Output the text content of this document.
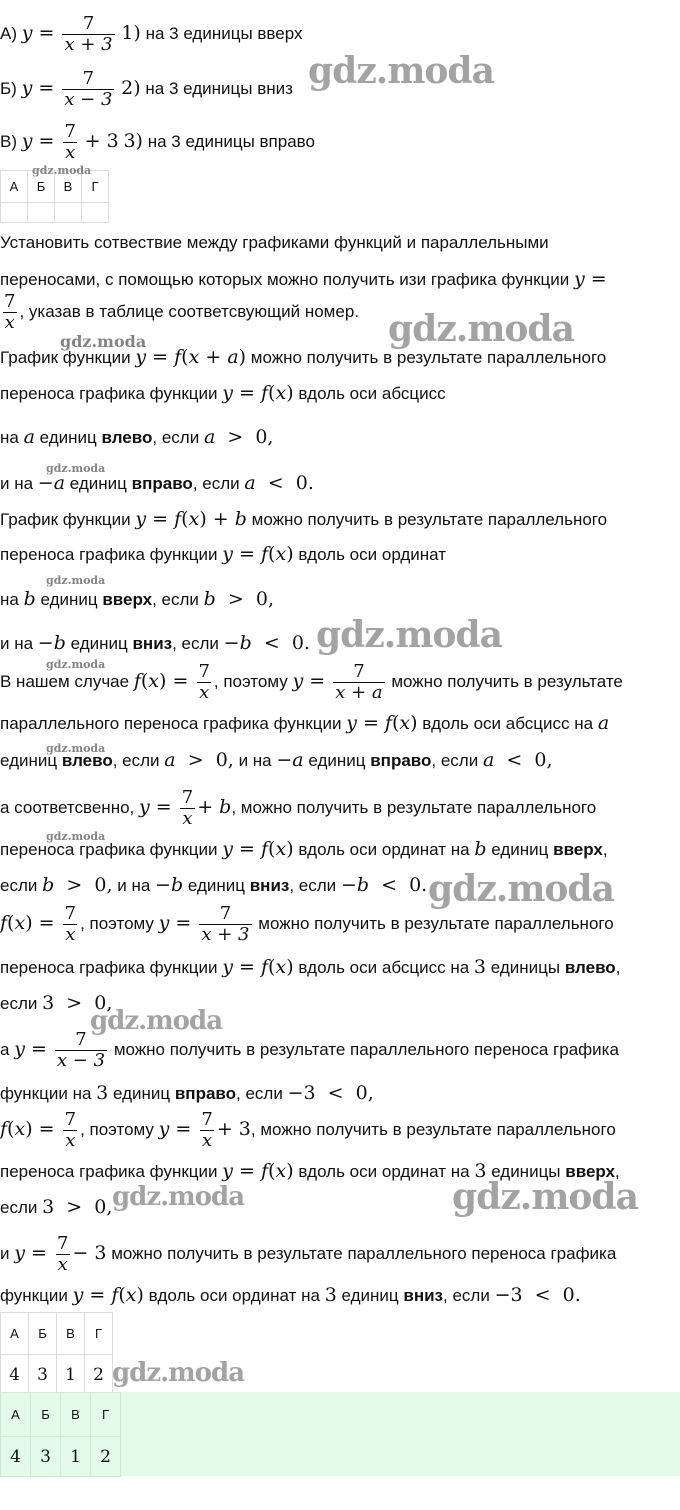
А) $y = \frac{7}{x + 3} 1$) на 3 единицы вверх
Б) $y = \frac{7}{x - 3} 2$) на 3 единицы вниз
В) $y = \frac{7}{x} + 3$ 3) на 3 единицы вправо
gdz.moda
А	Б	В	Г

gdz.moda
Установить сотвествие между графиками функций и параллельными
переносами, с помощью которых можно получить изи графика функции y =
$\frac{7}{x}$ , указав в таблице соответсвующий номер. gdz.moda
gdz.moda
График функции y = f(x + a) можно получить в результате параллельного
переноса графика функции y = f(x) вдоль оси абсцисс
на a единиц влево, если a  >  0,
gdz.moda
и на −a единиц вправо, если a  <  0.
График функции y = f(x) + b можно получить в результате параллельного
переноса графика функции y = f(x) вдоль оси ординат
gdz.moda
на b единиц вверх, если b  >  0,
и на −b единиц вниз, если −b  <  0. gdz.moda
gdz.moda
В нашем случае $f(x) = \frac{7}{x}$ , поэтому $y = \frac{7}{x + a}$ можно получить в результате
параллельного переноса графика функции y = f(x) вдоль оси абсцисс на a
gdz.moda
единиц влево, если a  >  0, и на −a единиц вправо, если a  <  0,
а соответсвенно, $y = \frac{7}{x} + b$, можно получить в результате параллельного
gdz.moda
переноса графика функции y = f(x) вдоль оси ординат на b единиц вверх,
если b  >  0, и на −b единиц вниз, если −b  <  0. gdz.moda
$f(x) = \frac{7}{x}$ , поэтому $y = \frac{7}{x + 3}$ можно получить в результате параллельного
переноса графика функции y = f(x) вдоль оси абсцисс на 3 единицы влево,
если 3  >  0,
gdz.moda
а $y = \frac{7}{x - 3}$ можно получить в результате параллельного переноса графика
функции на 3 единиц вправо, если −3  <  0,
$f(x) = \frac{7}{x}$ , поэтому $y = \frac{7}{x} + 3$, можно получить в результате параллельного
переноса графика функции y = f(x) вдоль оси ординат на 3 единицы вверх,
если 3  >  0, gdz.moda	gdz.moda
и $y = \frac{7}{x} - 3$ можно получить в результате параллельного переноса графика
функции y = f(x) вдоль оси ординат на 3 единиц вниз, если −3  <  0.
А	Б	В	Г
4	3	1	2 gdz.moda
А	Б	В	Г
4	3	1	2
